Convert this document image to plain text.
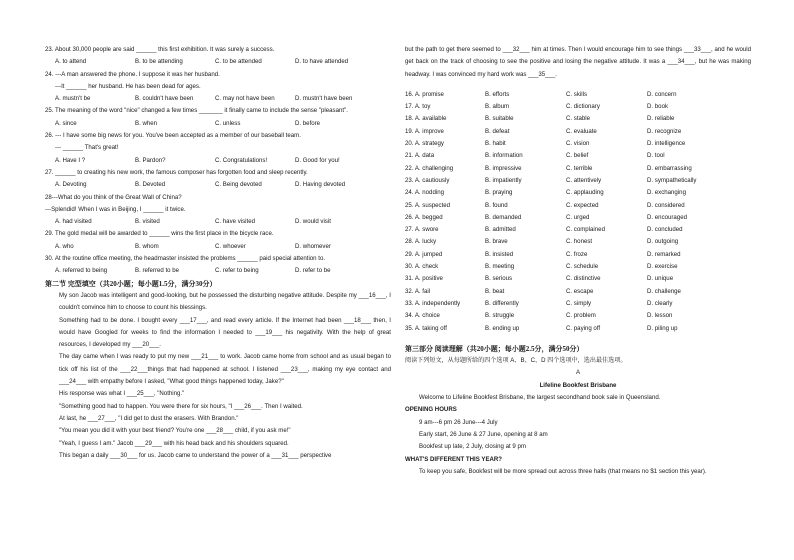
23. About 30,000 people are said ______ this first exhibition. It was surely a success.
A. to attend	B. to be attending	C. to be attended	D. to have attended
24. ---A man answered the phone. I suppose it was her husband.
---It ______ her husband. He has been dead for ages.
A. mustn't be	B. couldn't have been	C. may not have been	D. mustn't have been
25. The meaning of the word "nice" changed a few times _______ it finally came to include the sense "pleasant".
A. since	B. when	C. unless	D. before
26. --- I have some big news for you. You've been accepted as a member of our baseball team.
--- ______ That's great!
A. Have I ?	B. Pardon?	C. Congratulations!	D. Good for you!
27. ______ to creating his new work, the famous composer has forgotten food and sleep recently.
A. Devoting	B. Devoted	C. Being devoted	D. Having devoted
28---What do you think of the Great Wall of China?
---Splendid! When I was in Beijing, I ______ it twice.
A. had visited	B. visited	C. have visited	D. would visit
29. The gold medal will be awarded to ______ wins the first place in the bicycle race.
A. who	B. whom	C. whoever	D. whomever
30. At the routine office meeting, the headmaster insisted the problems ______ paid special attention to.
A. referred to being	B. referred to be	C. refer to being	D. refer to be
第二节 完型填空（共20小题；每小题1.5分，满分30分）
My son Jacob was intelligent and good-looking, but he possessed the disturbing negative attitude. Despite my ___16___, I couldn't convince him to choose to count his blessings.
Something had to be done. I bought every ___17___, and read every article. If the Internet had been ___18___ then, I would have Googled for weeks to find the information I needed to ___19___ his negativity. With the help of great resources, I developed my ___20___.
The day came when I was ready to put my new ___21___ to work. Jacob came home from school and as usual began to tick off his list of the ___22___things that had happened at school. I listened ___23___, making my eye contact and ___24___ with empathy before I asked, "What good things happened today, Jake?"
His response was what I ___25___, "Nothing."
"Something good had to happen. You were there for six hours, "I ___26___. Then I waited.
At last, he ___27___, "I did get to dust the erasers. With Brandon."
"You mean you did it with your best friend? You're one ___28___ child, if you ask me!"
"Yeah, I guess I am." Jacob ___29___ with his head back and his shoulders squared.
This began a daily ___30___ for us. Jacob came to understand the power of a ___31___ perspective
but the path to get there seemed to ___32___ him at times. Then I would encourage him to see things ___33___, and he would get back on the track of choosing to see the positive and losing the negative attitude. It was a ___34___, but he was making headway. I was convinced my hard work was ___35___.
16. A. promise	B. efforts	C. skills	D. concern
17. A. toy	B. album	C. dictionary	D. book
18. A. available	B. suitable	C. stable	D. reliable
19. A. improve	B. defeat	C. evaluate	D. recognize
20. A. strategy	B. habit	C. vision	D. intelligence
21. A. data	B. information	C. belief	D. tool
22. A. challenging	B. impressive	C. terrible	D. embarrassing
23. A. cautiously	B. impatiently	C. attentively	D. sympathetically
24. A. nodding	B. praying	C. applauding	D. exchanging
25. A. suspected	B. found	C. expected	D. considered
26. A. begged	B. demanded	C. urged	D. encouraged
27. A. swore	B. admitted	C. complained	D. concluded
28. A. lucky	B. brave	C. honest	D. outgoing
29. A. jumped	B. insisted	C. froze	D. remarked
30. A. check	B. meeting	C. schedule	D. exercise
31. A. positive	B. serious	C. distinctive	D. unique
32. A. fail	B. beat	C. escape	D. challenge
33. A. independently	B. differently	C. simply	D. clearly
34. A. choice	B. struggle	C. problem	D. lesson
35. A. taking off	B. ending up	C. paying off	D. piling up
第三部分 阅读理解（共20小题；每小题2.5分，满分50分）
阅读下列短文，从每题所给的四个选项 A、B、C、D 四个选项中，选出最佳选项。
A
Lifeline Bookfest Brisbane
Welcome to Lifeline Bookfest Brisbane, the largest secondhand book sale in Queensland.
OPENING HOURS
9 am---6 pm 26 June---4 July
Early start, 26 June & 27 June, opening at 8 am
Bookfest up late, 2 July, closing at 9 pm
WHAT'S DIFFERENT THIS YEAR?
To keep you safe, Bookfest will be more spread out across three halls (that means no $1 section this year).
